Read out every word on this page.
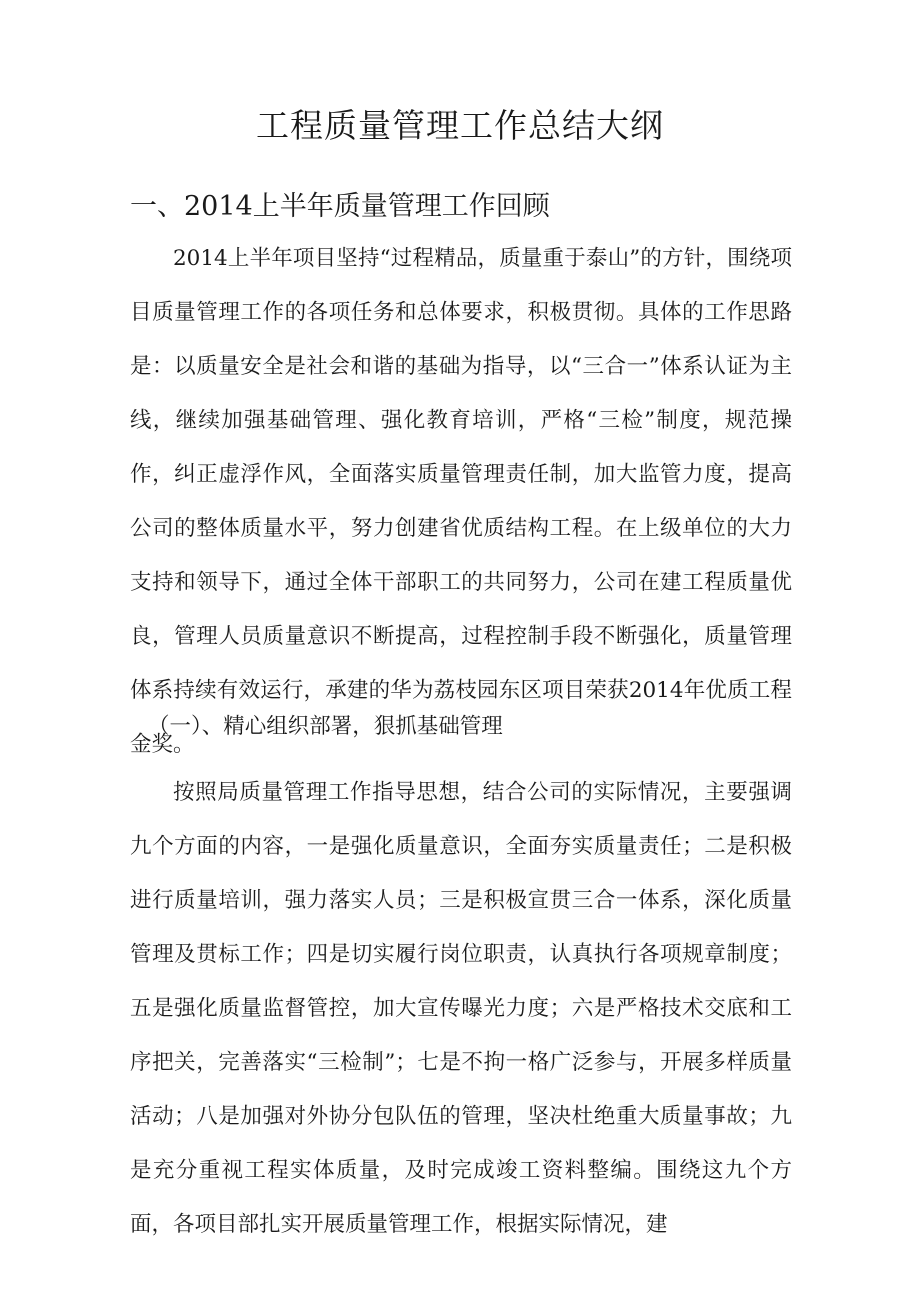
工程质量管理工作总结大纲
一、2014上半年质量管理工作回顾

2014上半年项目坚持“过程精品，质量重于泰山”的方针，围绕项目质量管理工作的各项任务和总体要求，积极贯彻。具体的工作思路是：以质量安全是社会和谐的基础为指导，以“三合一”体系认证为主线，继续加强基础管理、强化教育培训，严格“三检”制度，规范操作，纠正虚浮作风，全面落实质量管理责任制，加大监管力度，提高公司的整体质量水平，努力创建省优质结构工程。在上级单位的大力支持和领导下，通过全体干部职工的共同努力，公司在建工程质量优良，管理人员质量意识不断提高，过程控制手段不断强化，质量管理体系持续有效运行，承建的华为荔枝园东区项目荣获2014年优质工程金奖。

（一）、精心组织部署，狠抓基础管理

按照局质量管理工作指导思想，结合公司的实际情况，主要强调九个方面的内容，一是强化质量意识，全面夯实质量责任；二是积极进行质量培训，强力落实人员；三是积极宣贯三合一体系，深化质量管理及贯标工作；四是切实履行岗位职责，认真执行各项规章制度；五是强化质量监督管控，加大宣传曝光力度；六是严格技术交底和工序把关，完善落实“三检制”；七是不拘一格广泛参与，开展多样质量活动；八是加强对外协分包队伍的管理，坚决杜绝重大质量事故；九是充分重视工程实体质量，及时完成竣工资料整编。围绕这九个方面，各项目部扎实开展质量管理工作，根据实际情况，建
